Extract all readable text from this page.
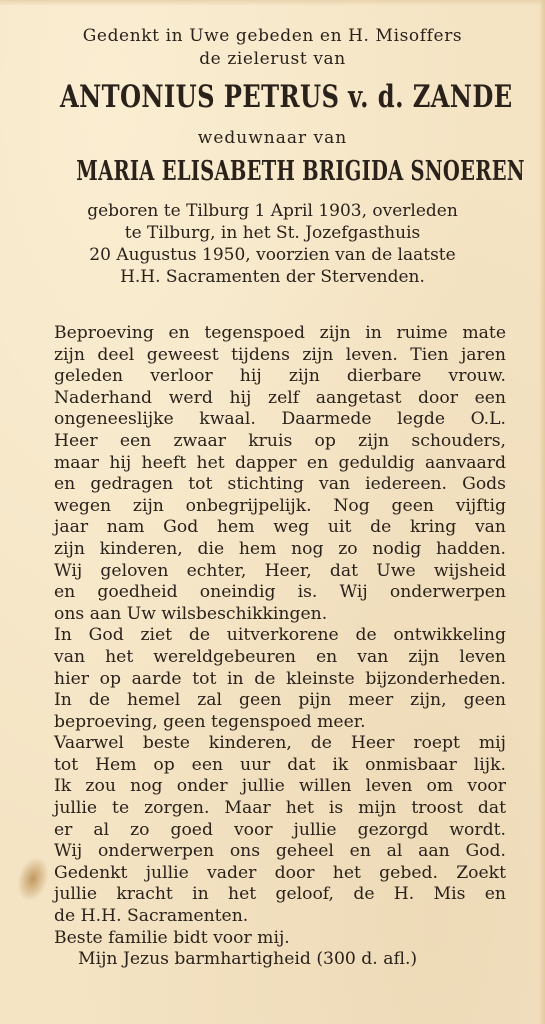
Gedenkt in Uwe gebeden en H. Misoffers
de zielerust van
ANTONIUS PETRUS v. d. ZANDE
weduwnaar van
MARIA ELISABETH BRIGIDA SNOEREN
geboren te Tilburg 1 April 1903, overleden
te Tilburg, in het St. Jozefgasthuis
20 Augustus 1950, voorzien van de laatste
H.H. Sacramenten der Stervenden.
Beproeving en tegenspoed zijn in ruime mate
zijn deel geweest tijdens zijn leven. Tien jaren
geleden verloor hij zijn dierbare vrouw.
Naderhand werd hij zelf aangetast door een
ongeneeslijke kwaal. Daarmede legde O.L.
Heer een zwaar kruis op zijn schouders,
maar hij heeft het dapper en geduldig aanvaard
en gedragen tot stichting van iedereen. Gods
wegen zijn onbegrijpelijk. Nog geen vijftig
jaar nam God hem weg uit de kring van
zijn kinderen, die hem nog zo nodig hadden.
Wij geloven echter, Heer, dat Uwe wijsheid
en goedheid oneindig is. Wij onderwerpen
ons aan Uw wilsbeschikkingen.
In God ziet de uitverkorene de ontwikkeling
van het wereldgebeuren en van zijn leven
hier op aarde tot in de kleinste bijzonderheden.
In de hemel zal geen pijn meer zijn, geen
beproeving, geen tegenspoed meer.
Vaarwel beste kinderen, de Heer roept mij
tot Hem op een uur dat ik onmisbaar lijk.
Ik zou nog onder jullie willen leven om voor
jullie te zorgen. Maar het is mijn troost dat
er al zo goed voor jullie gezorgd wordt.
Wij onderwerpen ons geheel en al aan God.
Gedenkt jullie vader door het gebed. Zoekt
jullie kracht in het geloof, de H. Mis en
de H.H. Sacramenten.
Beste familie bidt voor mij.
Mijn Jezus barmhartigheid (300 d. afl.)
